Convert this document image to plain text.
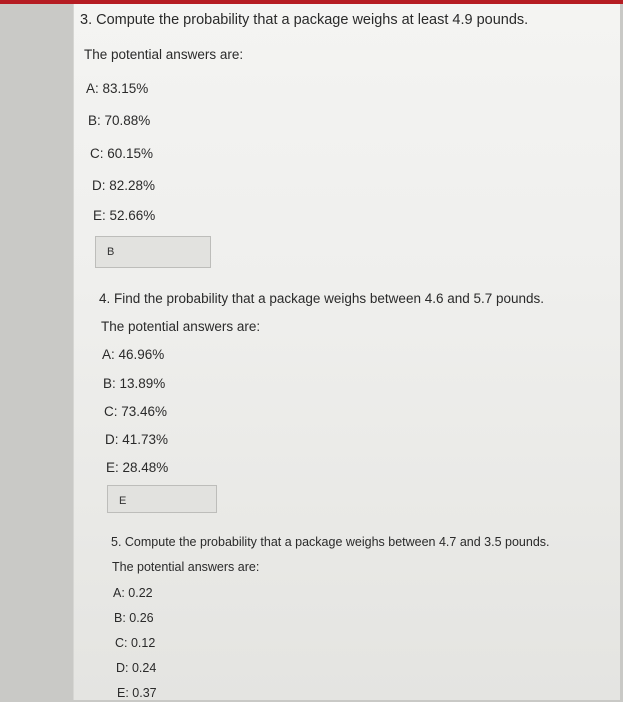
3. Compute the probability that a package weighs at least 4.9 pounds.
The potential answers are:
A: 83.15%
B: 70.88%
C: 60.15%
D: 82.28%
E: 52.66%
B
4. Find the probability that a package weighs between 4.6 and 5.7 pounds.
The potential answers are:
A: 46.96%
B: 13.89%
C: 73.46%
D: 41.73%
E: 28.48%
E
5. Compute the probability that a package weighs between 4.7 and 3.5 pounds.
The potential answers are:
A: 0.22
B: 0.26
C: 0.12
D: 0.24
E: 0.37
